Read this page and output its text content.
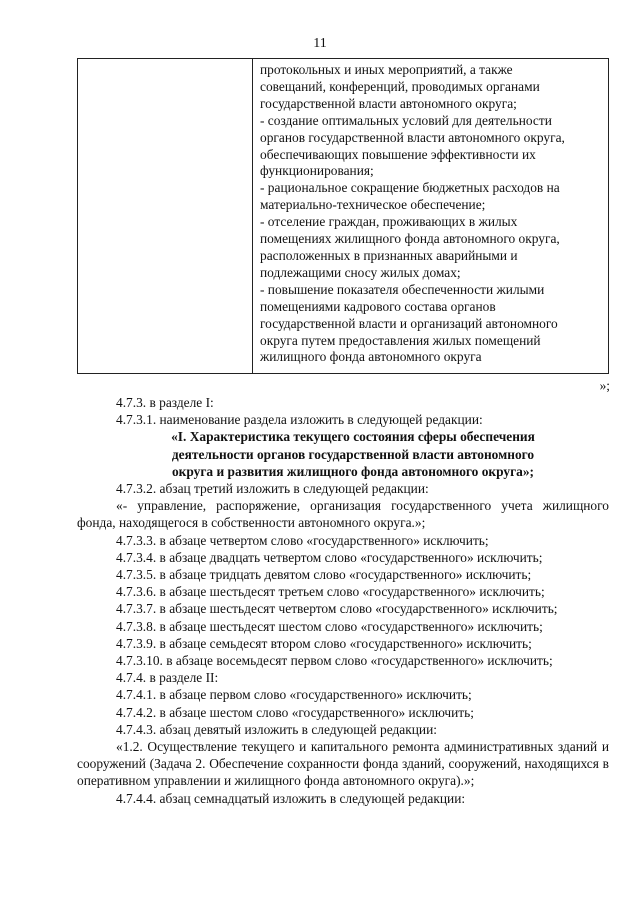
11
протокольных и иных мероприятий, а также
совещаний, конференций, проводимых органами
государственной власти автономного округа;
- создание оптимальных условий для деятельности
органов государственной власти автономного округа,
обеспечивающих повышение эффективности их
функционирования;
- рациональное сокращение бюджетных расходов на
материально-техническое обеспечение;
- отселение граждан, проживающих в жилых
помещениях жилищного фонда автономного округа,
расположенных в признанных аварийными и
подлежащими сносу жилых домах;
- повышение показателя обеспеченности жилыми
помещениями кадрового состава органов
государственной власти и организаций автономного
округа путем предоставления жилых помещений
жилищного фонда автономного округа
»;

4.7.3. в разделе I:

4.7.3.1. наименование раздела изложить в следующей редакции:

«I. Характеристика текущего состояния сферы обеспечения
деятельности органов государственной власти автономного
округа и развития жилищного фонда автономного округа»;

4.7.3.2. абзац третий изложить в следующей редакции:

«- управление, распоряжение, организация государственного учета жилищного фонда, находящегося в собственности автономного округа.»;

4.7.3.3. в абзаце четвертом слово «государственного» исключить;

4.7.3.4. в абзаце двадцать четвертом слово «государственного» исключить;

4.7.3.5. в абзаце тридцать девятом слово «государственного» исключить;

4.7.3.6. в абзаце шестьдесят третьем слово «государственного» исключить;

4.7.3.7. в абзаце шестьдесят четвертом слово «государственного» исключить;

4.7.3.8. в абзаце шестьдесят шестом слово «государственного» исключить;

4.7.3.9. в абзаце семьдесят втором слово «государственного» исключить;

4.7.3.10. в абзаце восемьдесят первом слово «государственного» исключить;

4.7.4. в разделе II:

4.7.4.1. в абзаце первом слово «государственного» исключить;

4.7.4.2. в абзаце шестом слово «государственного» исключить;

4.7.4.3. абзац девятый изложить в следующей редакции:

«1.2. Осуществление текущего и капитального ремонта административных зданий и сооружений (Задача 2. Обеспечение сохранности фонда зданий, сооружений, находящихся в оперативном управлении и жилищного фонда автономного округа).»;

4.7.4.4. абзац семнадцатый изложить в следующей редакции:
